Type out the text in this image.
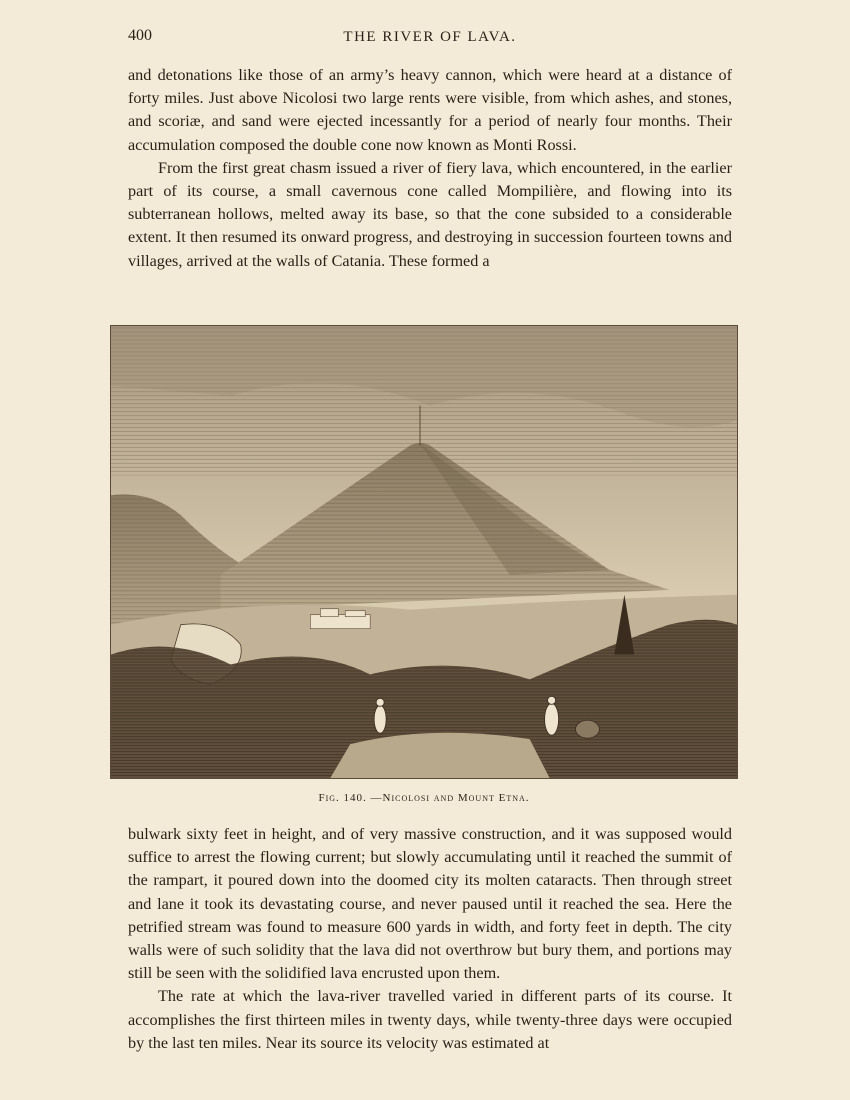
400	THE RIVER OF LAVA.

and detonations like those of an army’s heavy cannon, which were heard at a distance of forty miles. Just above Nicolosi two large rents were visible, from which ashes, and stones, and scoriæ, and sand were ejected incessantly for a period of nearly four months. Their accumulation composed the double cone now known as Monti Rossi.

From the first great chasm issued a river of fiery lava, which encountered, in the earlier part of its course, a small cavernous cone called Mompilière, and flowing into its subterranean hollows, melted away its base, so that the cone subsided to a considerable extent. It then resumed its onward progress, and destroying in succession fourteen towns and villages, arrived at the walls of Catania. These formed a

Fig. 140. —Nicolosi and Mount Etna.

bulwark sixty feet in height, and of very massive construction, and it was supposed would suffice to arrest the flowing current; but slowly accumulating until it reached the summit of the rampart, it poured down into the doomed city its molten cataracts. Then through street and lane it took its devastating course, and never paused until it reached the sea. Here the petrified stream was found to measure 600 yards in width, and forty feet in depth. The city walls were of such solidity that the lava did not overthrow but bury them, and portions may still be seen with the solidified lava encrusted upon them.

The rate at which the lava-river travelled varied in different parts of its course. It accomplishes the first thirteen miles in twenty days, while twenty-three days were occupied by the last ten miles. Near its source its velocity was estimated at
